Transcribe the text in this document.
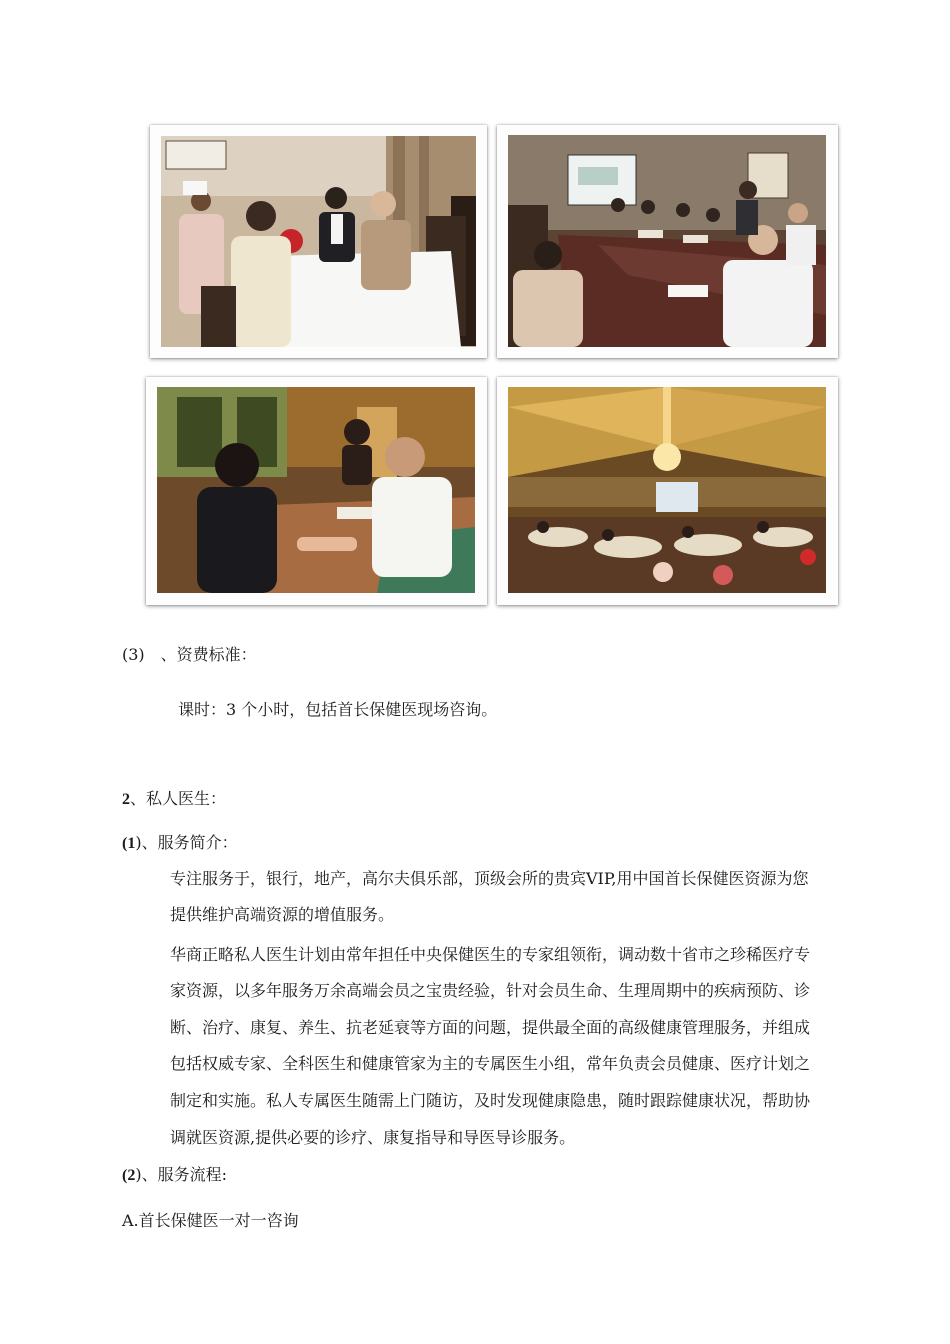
(3)　、资费标准：
课时：3 个小时，包括首长保健医现场咨询。
2、私人医生：
(1)、服务简介：
专注服务于，银行，地产，高尔夫俱乐部，顶级会所的贵宾VIP,用中国首长保健医资源为您
提供维护高端资源的增值服务。
华商正略私人医生计划由常年担任中央保健医生的专家组领衔，调动数十省市之珍稀医疗专
家资源，以多年服务万余高端会员之宝贵经验，针对会员生命、生理周期中的疾病预防、诊
断、治疗、康复、养生、抗老延衰等方面的问题，提供最全面的高级健康管理服务，并组成
包括权威专家、全科医生和健康管家为主的专属医生小组，常年负责会员健康、医疗计划之
制定和实施。私人专属医生随需上门随访，及时发现健康隐患，随时跟踪健康状况，帮助协
调就医资源,提供必要的诊疗、康复指导和导医导诊服务。
(2)、服务流程:
A.首长保健医一对一咨询
